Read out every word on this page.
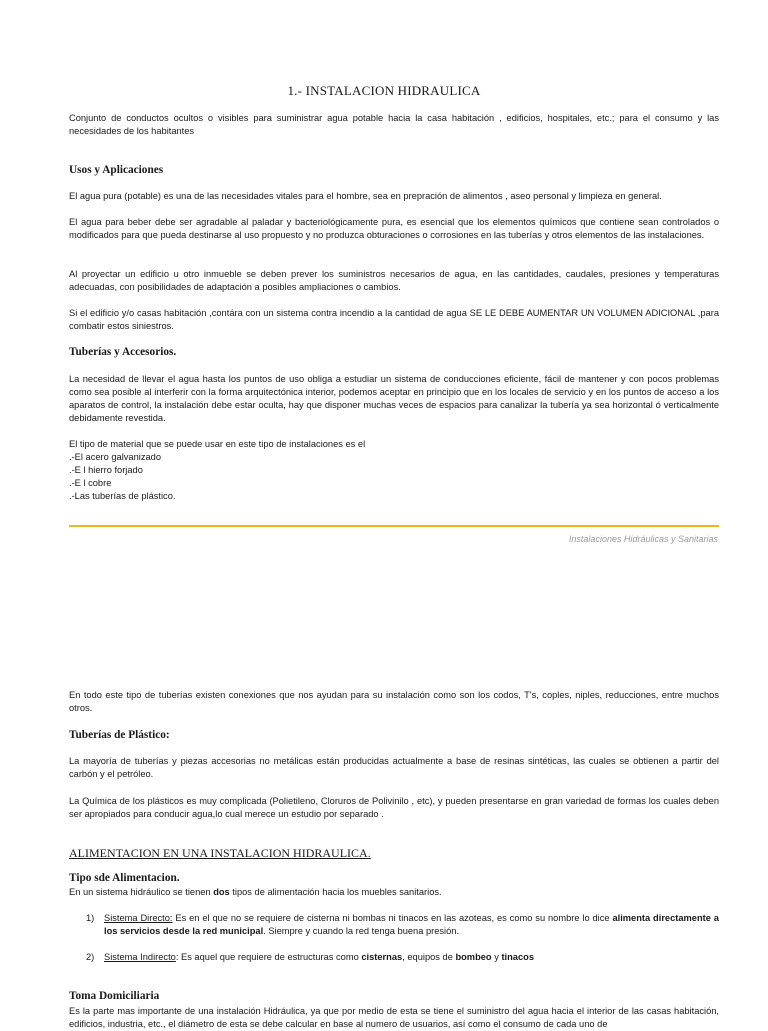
1.- INSTALACION HIDRAULICA
Conjunto de conductos ocultos o visibles para suministrar agua potable hacia la casa habitación , edificios, hospitales, etc.; para el consumo y las necesidades de los habitantes
Usos y Aplicaciones
El agua pura (potable) es una de las necesidades vitales para el hombre, sea en prepración de alimentos , aseo personal y limpieza en general.
El agua para beber debe ser agradable al paladar y bacteriológicamente pura, es esencial que los elementos químicos que contiene sean controlados o modificados para que pueda destinarse al uso propuesto y no produzca obturaciones o corrosiones en las tuberías y otros elementos de las instalaciones.
Al proyectar un edificio u otro inmueble se deben prever los suministros necesarios de agua, en las cantidades, caudales, presiones y temperaturas adecuadas, con posibilidades de adaptación a posibles ampliaciones o cambios.
Si el edificio y/o casas habitación ,contára con un sistema contra incendio a la cantidad de agua SE LE DEBE AUMENTAR UN VOLUMEN ADICIONAL ,para combatir estos siniestros.
Tuberías y Accesorios.
La necesidad de llevar el agua hasta los puntos de uso obliga a estudiar un sistema de conducciones eficiente, fácil de mantener y con pocos problemas como sea posible al interferir con la forma arquitectónica interior, podemos aceptar en principio que en los locales de servicio y en los puntos de acceso a los aparatos de control, la instalación debe estar oculta, hay que disponer muchas veces de espacios para canalizar la tubería ya sea horizontal ó verticalmente debidamente revestida.
El tipo de material que se puede usar en este tipo de instalaciones es el
.-El acero galvanizado
.-E l hierro forjado
.-E l cobre
.-Las tuberías de plástico.
Instalaciones Hidráulicas y Sanitarias
En todo este tipo de tuberías existen conexiones que nos ayudan para su instalación como son los codos, T's, coples, niples, reducciones, entre muchos otros.
Tuberías de Plástico:
La mayoría de tuberías y piezas accesorias no metálicas están producidas actualmente a base de resinas sintéticas, las cuales se obtienen a partir del carbón y el petróleo.
La Química de los plásticos es muy complicada (Polietileno, Cloruros de Polivinilo , etc), y pueden presentarse en gran variedad de formas los cuales deben ser apropiados para conducir agua,lo cual merece un estudio por separado .
ALIMENTACION EN UNA INSTALACION HIDRAULICA.
Tipo sde Alimentacion.
En un sistema hidráulico se tienen dos tipos de alimentación hacia los muebles sanitarios.
1) Sistema Directo: Es en el que no se requiere de cisterna ni bombas ni tinacos en las azoteas, es como su nombre lo dice alimenta directamente a los servicios desde la red municipal. Siempre y cuando la red tenga buena presión.
2) Sistema Indirecto: Es aquel que requiere de estructuras como cisternas, equipos de bombeo y tinacos
Toma Domiciliaria
Es la parte mas importante de una instalación Hidráulica, ya que por medio de esta se tiene el suministro del agua hacia el interior de las casas habitación, edificios, industria, etc., el diámetro de esta se debe calcular en base al numero de usuarios, así como el consumo de cada uno de
